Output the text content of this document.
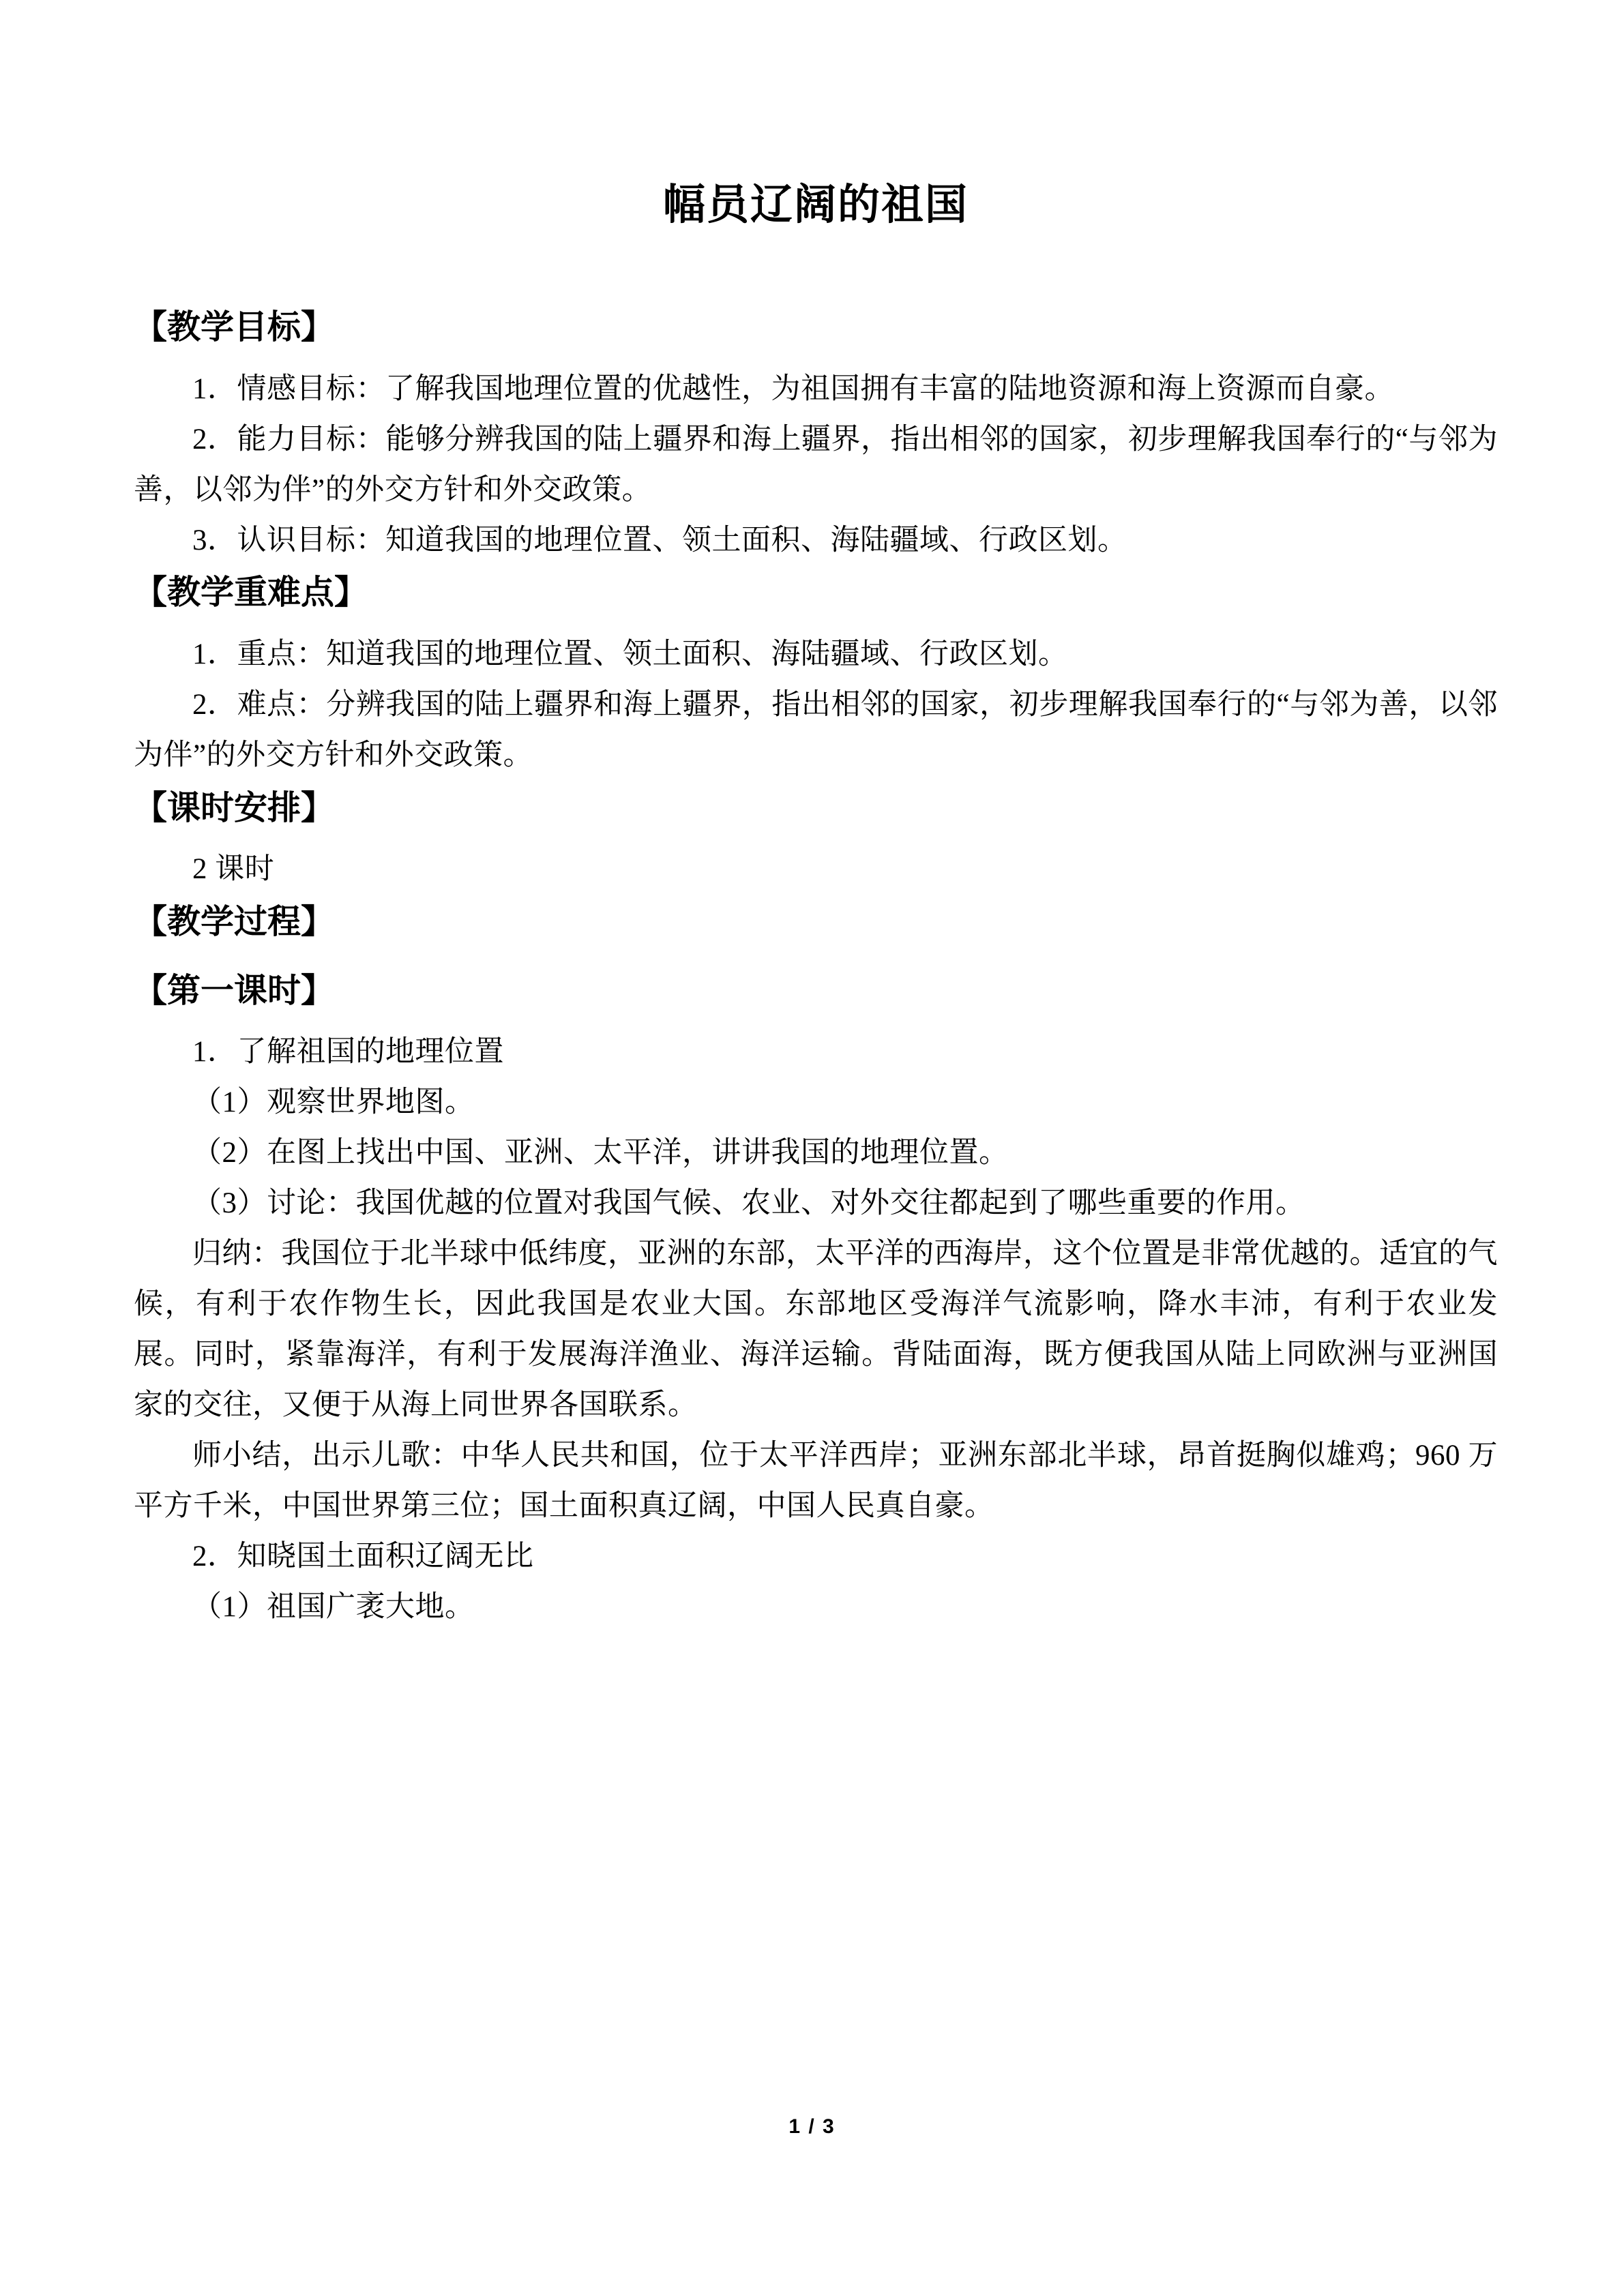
幅员辽阔的祖国
【教学目标】

1．情感目标：了解我国地理位置的优越性，为祖国拥有丰富的陆地资源和海上资源而自豪。

2．能力目标：能够分辨我国的陆上疆界和海上疆界，指出相邻的国家，初步理解我国奉行的“与邻为善，以邻为伴”的外交方针和外交政策。

3．认识目标：知道我国的地理位置、领土面积、海陆疆域、行政区划。

【教学重难点】

1．重点：知道我国的地理位置、领土面积、海陆疆域、行政区划。

2．难点：分辨我国的陆上疆界和海上疆界，指出相邻的国家，初步理解我国奉行的“与邻为善，以邻为伴”的外交方针和外交政策。

【课时安排】

2 课时

【教学过程】
【第一课时】

1．了解祖国的地理位置

（1）观察世界地图。

（2）在图上找出中国、亚洲、太平洋，讲讲我国的地理位置。

（3）讨论：我国优越的位置对我国气候、农业、对外交往都起到了哪些重要的作用。

归纳：我国位于北半球中低纬度，亚洲的东部，太平洋的西海岸，这个位置是非常优越的。适宜的气候，有利于农作物生长，因此我国是农业大国。东部地区受海洋气流影响，降水丰沛，有利于农业发展。同时，紧靠海洋，有利于发展海洋渔业、海洋运输。背陆面海，既方便我国从陆上同欧洲与亚洲国家的交往，又便于从海上同世界各国联系。

师小结，出示儿歌：中华人民共和国，位于太平洋西岸；亚洲东部北半球，昂首挺胸似雄鸡；960 万平方千米，中国世界第三位；国土面积真辽阔，中国人民真自豪。

2．知晓国土面积辽阔无比

（1）祖国广袤大地。

1 / 3
